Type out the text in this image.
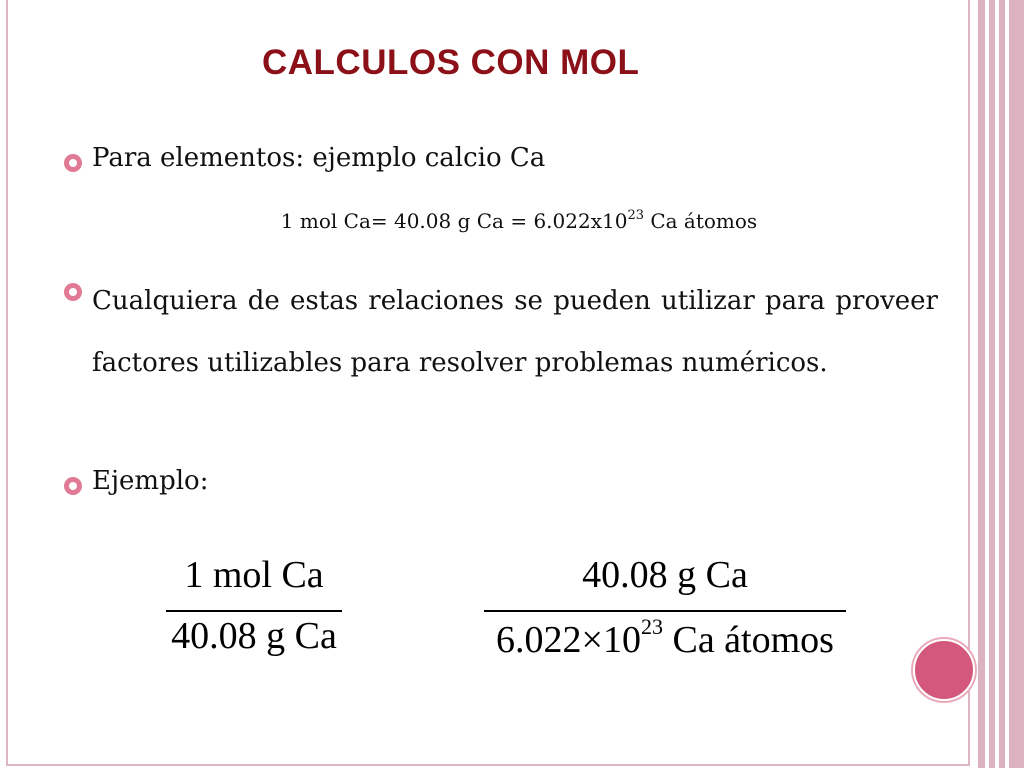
CALCULOS CON MOL
Para elementos: ejemplo calcio Ca
1 mol Ca= 40.08 g $Ca = 6.022x10^{23}$ Ca átomos
Cualquiera de estas relaciones se pueden utilizar para proveer factores utilizables para resolver problemas numéricos.
Ejemplo:
1 mol Ca
40.08 g Ca
40.08 g Ca
$6.022\times 10^{23}$ Ca átomos
